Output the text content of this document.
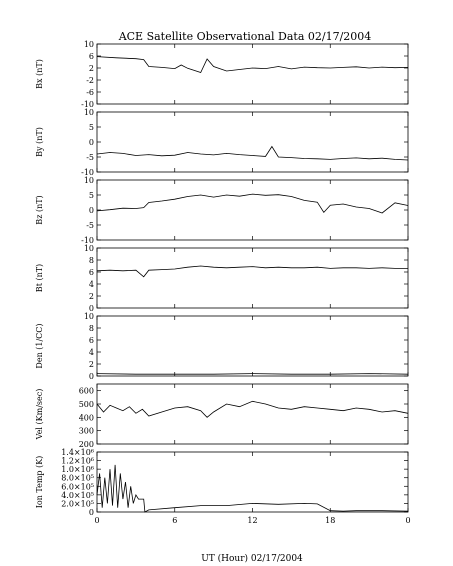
ACE Satellite Observational Data 02/17/2004
10
6
2
-2
-6
-10
Bx (nT)
10
5
0
-5
-10
By (nT)
10
5
0
-5
-10
Bz (nT)
10
8
6
4
2
0
Bt (nT)
10
8
6
4
2
0
Den (1/CC)
600
500
400
300
200
Vel (Km/sec)
1.4×10⁶
1.2×10⁶
1.0×10⁶
8.0×10⁵
6.0×10⁵
4.0×10⁵
2.0×10⁵
0
Ion Temp (K)
0	6	12	18	0
UT (Hour) 02/17/2004
